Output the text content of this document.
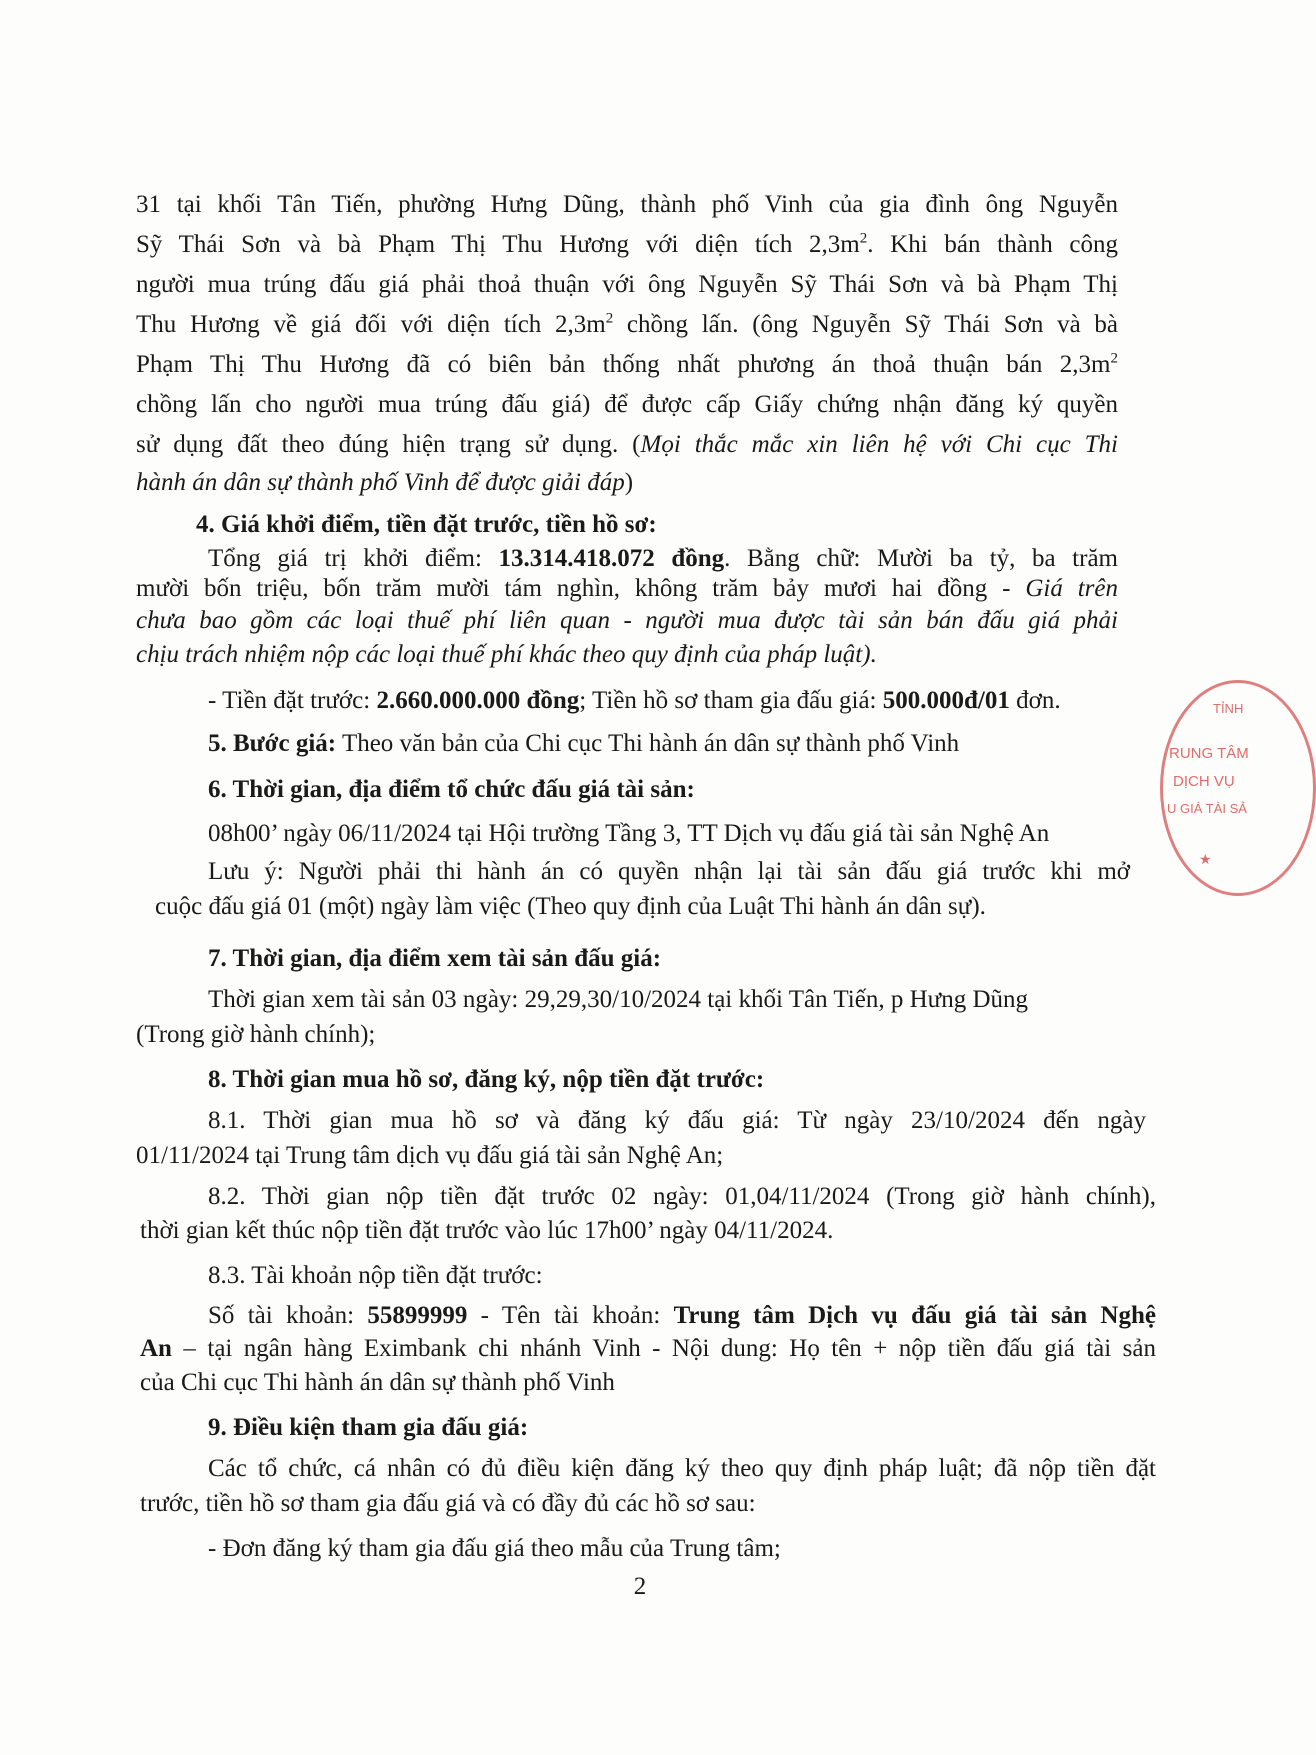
31 tại khối Tân Tiến, phường Hưng Dũng, thành phố Vinh của gia đình ông Nguyễn

Sỹ Thái Sơn và bà Phạm Thị Thu Hương với diện tích $2,3m^2$. Khi bán thành công

người mua trúng đấu giá phải thoả thuận với ông Nguyễn Sỹ Thái Sơn và bà Phạm Thị

Thu Hương về giá đối với diện tích $2,3m^2$ chồng lấn. (ông Nguyễn Sỹ Thái Sơn và bà

Phạm Thị Thu Hương đã có biên bản thống nhất phương án thoả thuận bán $2,3m^2$

chồng lấn cho người mua trúng đấu giá) để được cấp Giấy chứng nhận đăng ký quyền

sử dụng đất theo đúng hiện trạng sử dụng. (Mọi thắc mắc xin liên hệ với Chi cục Thi

hành án dân sự thành phố Vinh để được giải đáp)

4. Giá khởi điểm, tiền đặt trước, tiền hồ sơ:

Tổng giá trị khởi điểm: 13.314.418.072 đồng. Bằng chữ: Mười ba tỷ, ba trăm

mười bốn triệu, bốn trăm mười tám nghìn, không trăm bảy mươi hai đồng - Giá trên

chưa bao gồm các loại thuế phí liên quan - người mua được tài sản bán đấu giá phải

chịu trách nhiệm nộp các loại thuế phí khác theo quy định của pháp luật).

- Tiền đặt trước: 2.660.000.000 đồng; Tiền hồ sơ tham gia đấu giá: 500.000đ/01 đơn.

5. Bước giá: Theo văn bản của Chi cục Thi hành án dân sự thành phố Vinh

6. Thời gian, địa điểm tổ chức đấu giá tài sản:

08h00’ ngày 06/11/2024 tại Hội trường Tầng 3, TT Dịch vụ đấu giá tài sản Nghệ An

Lưu ý: Người phải thi hành án có quyền nhận lại tài sản đấu giá trước khi mở

cuộc đấu giá 01 (một) ngày làm việc (Theo quy định của Luật Thi hành án dân sự).

7. Thời gian, địa điểm xem tài sản đấu giá:

Thời gian xem tài sản 03 ngày: 29,29,30/10/2024 tại khối Tân Tiến, p Hưng Dũng

(Trong giờ hành chính);

8. Thời gian mua hồ sơ, đăng ký, nộp tiền đặt trước:

8.1. Thời gian mua hồ sơ và đăng ký đấu giá: Từ ngày 23/10/2024 đến ngày

01/11/2024 tại Trung tâm dịch vụ đấu giá tài sản Nghệ An;

8.2. Thời gian nộp tiền đặt trước 02 ngày: 01,04/11/2024 (Trong giờ hành chính),

thời gian kết thúc nộp tiền đặt trước vào lúc 17h00’ ngày 04/11/2024.

8.3. Tài khoản nộp tiền đặt trước:

Số tài khoản: 55899999 - Tên tài khoản: Trung tâm Dịch vụ đấu giá tài sản Nghệ

An – tại ngân hàng Eximbank chi nhánh Vinh - Nội dung: Họ tên + nộp tiền đấu giá tài sản

của Chi cục Thi hành án dân sự thành phố Vinh

9. Điều kiện tham gia đấu giá:

Các tổ chức, cá nhân có đủ điều kiện đăng ký theo quy định pháp luật; đã nộp tiền đặt

trước, tiền hồ sơ tham gia đấu giá và có đầy đủ các hồ sơ sau:

- Đơn đăng ký tham gia đấu giá theo mẫu của Trung tâm;

2
TỈNH
RUNG TÂM
DỊCH VỤ
U GIÁ TÀI SẢ
★
